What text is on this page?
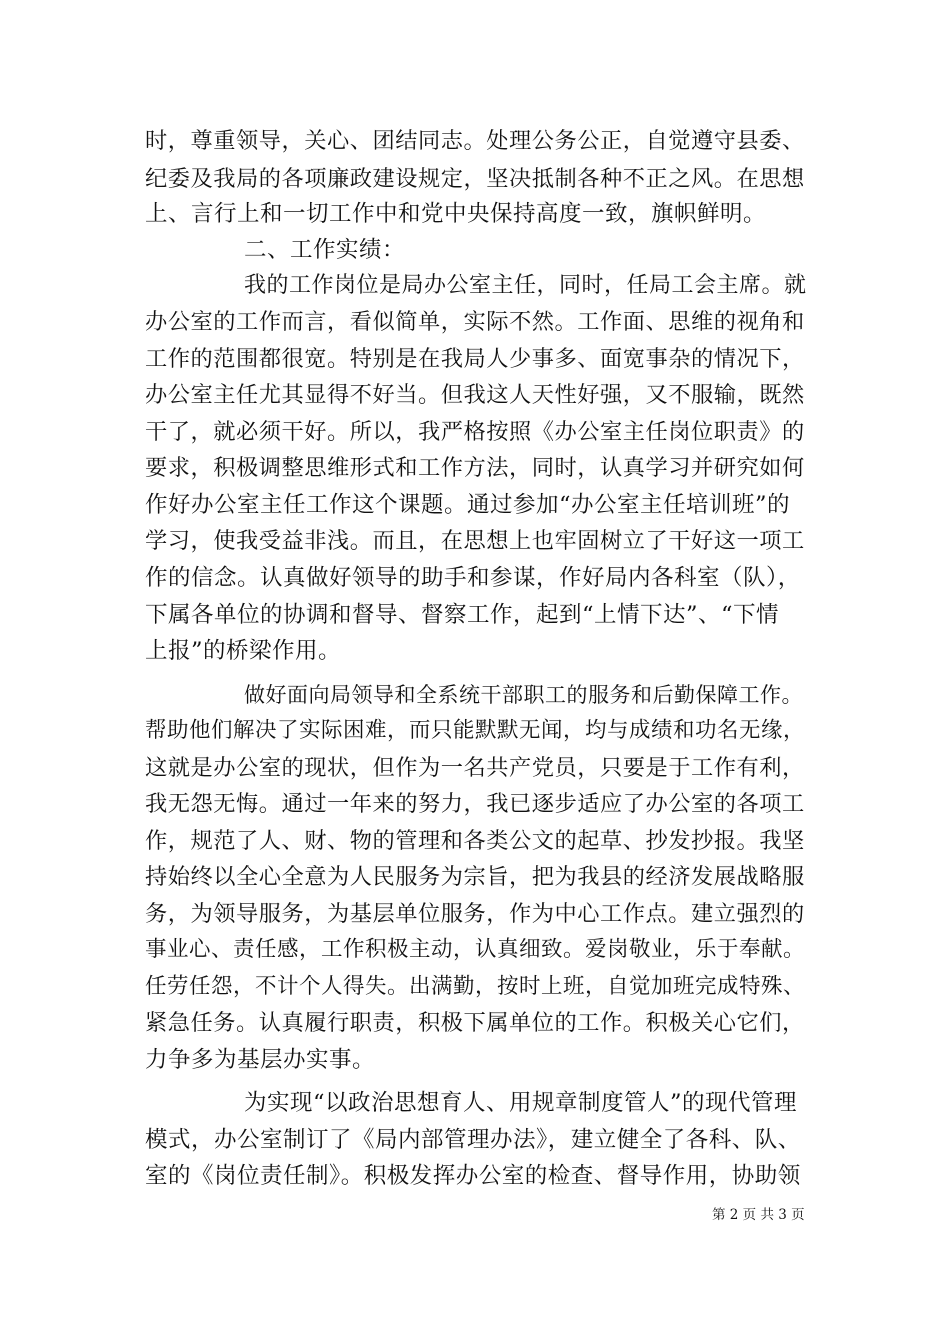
时，尊重领导，关心、团结同志。处理公务公正，自觉遵守县委、
纪委及我局的各项廉政建设规定，坚决抵制各种不正之风。在思想
上、言行上和一切工作中和党中央保持高度一致，旗帜鲜明。
二、工作实绩：
我的工作岗位是局办公室主任，同时，任局工会主席。就
办公室的工作而言，看似简单，实际不然。工作面、思维的视角和
工作的范围都很宽。特别是在我局人少事多、面宽事杂的情况下，
办公室主任尤其显得不好当。但我这人天性好强，又不服输，既然
干了，就必须干好。所以，我严格按照《办公室主任岗位职责》的
要求，积极调整思维形式和工作方法，同时，认真学习并研究如何
作好办公室主任工作这个课题。通过参加“办公室主任培训班”的
学习，使我受益非浅。而且，在思想上也牢固树立了干好这一项工
作的信念。认真做好领导的助手和参谋，作好局内各科室（队），
下属各单位的协调和督导、督察工作，起到“上情下达”、“下情
上报”的桥梁作用。
做好面向局领导和全系统干部职工的服务和后勤保障工作。
帮助他们解决了实际困难，而只能默默无闻，均与成绩和功名无缘，
这就是办公室的现状，但作为一名共产党员，只要是于工作有利，
我无怨无悔。通过一年来的努力，我已逐步适应了办公室的各项工
作，规范了人、财、物的管理和各类公文的起草、抄发抄报。我坚
持始终以全心全意为人民服务为宗旨，把为我县的经济发展战略服
务，为领导服务，为基层单位服务，作为中心工作点。建立强烈的
事业心、责任感，工作积极主动，认真细致。爱岗敬业，乐于奉献。
任劳任怨，不计个人得失。出满勤，按时上班，自觉加班完成特殊、
紧急任务。认真履行职责，积极下属单位的工作。积极关心它们，
力争多为基层办实事。
为实现“以政治思想育人、用规章制度管人”的现代管理
模式，办公室制订了《局内部管理办法》，建立健全了各科、队、
室的《岗位责任制》。积极发挥办公室的检查、督导作用，协助领
第 2 页 共 3 页
